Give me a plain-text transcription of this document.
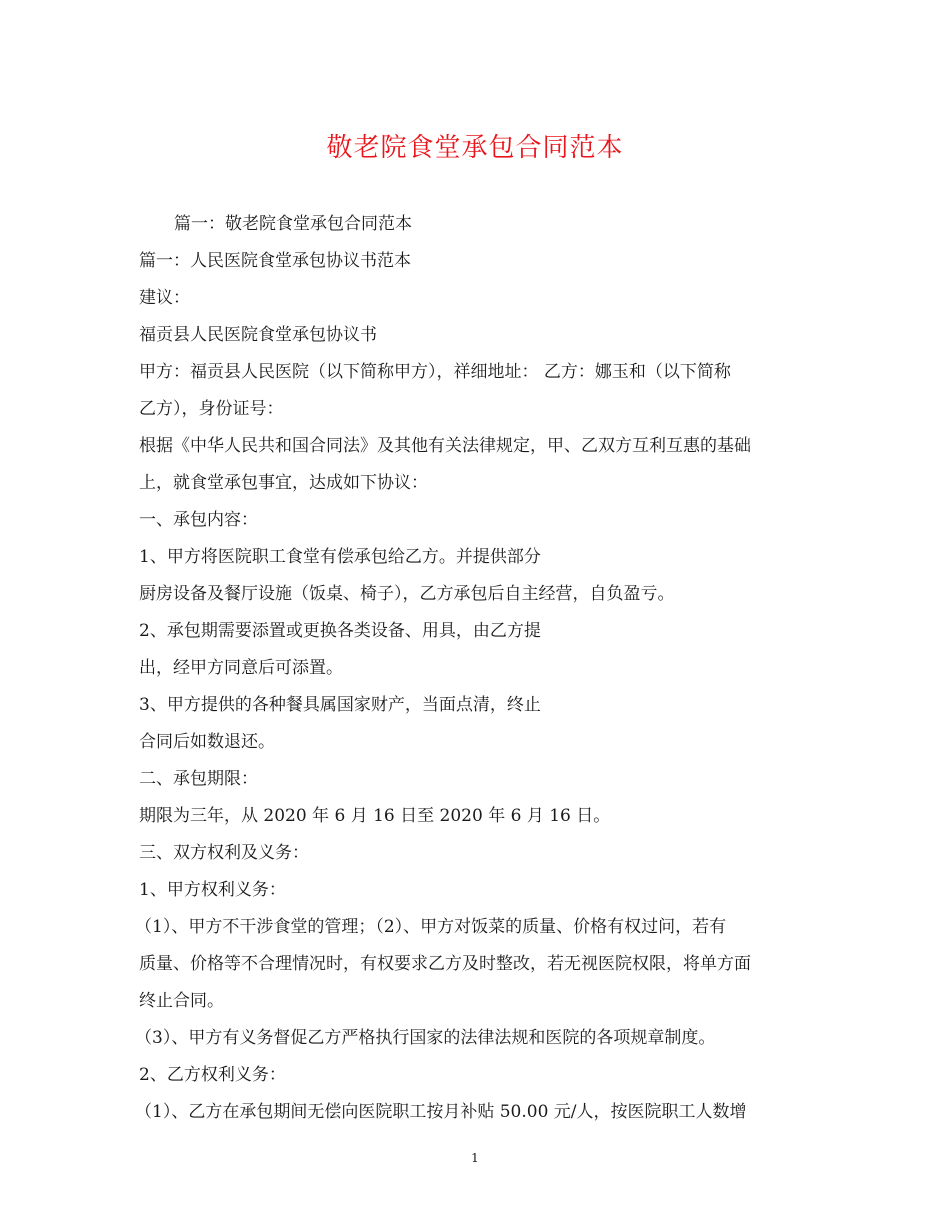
敬老院食堂承包合同范本
篇一：敬老院食堂承包合同范本
篇一：人民医院食堂承包协议书范本
建议：
福贡县人民医院食堂承包协议书
甲方：福贡县人民医院（以下简称甲方），祥细地址： 乙方：娜玉和（以下简称
乙方），身份证号：
根据《中华人民共和国合同法》及其他有关法律规定，甲、乙双方互利互惠的基础
上，就食堂承包事宜，达成如下协议：
一、承包内容：
1、甲方将医院职工食堂有偿承包给乙方。并提供部分
厨房设备及餐厅设施（饭桌、椅子），乙方承包后自主经营，自负盈亏。
2、承包期需要添置或更换各类设备、用具，由乙方提
出，经甲方同意后可添置。
3、甲方提供的各种餐具属国家财产，当面点清，终止
合同后如数退还。
二、承包期限：
期限为三年，从 2020 年 6 月 16 日至 2020 年 6 月 16 日。
三、双方权利及义务：
1、甲方权利义务：
（1）、甲方不干涉食堂的管理；（2）、甲方对饭菜的质量、价格有权过问，若有
质量、价格等不合理情况时，有权要求乙方及时整改，若无视医院权限，将单方面
终止合同。
（3）、甲方有义务督促乙方严格执行国家的法律法规和医院的各项规章制度。
2、乙方权利义务：
（1）、乙方在承包期间无偿向医院职工按月补贴 50.00 元/人，按医院职工人数增
1
